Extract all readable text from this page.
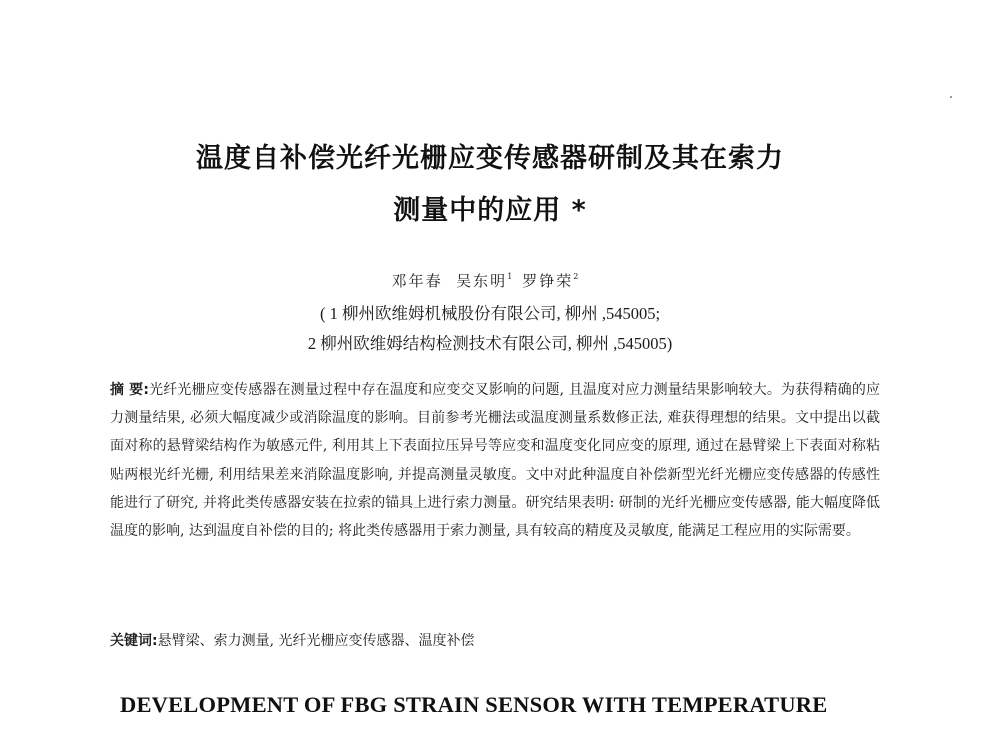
温度自补偿光纤光栅应变传感器研制及其在索力
测量中的应用 *
邓年春 吴东明$^1$ 罗铮荣$^2$
( 1 柳州欧维姆机械股份有限公司, 柳州 ,545005;
2 柳州欧维姆结构检测技术有限公司, 柳州 ,545005)
摘 要:光纤光栅应变传感器在测量过程中存在温度和应变交叉影响的问题, 且温度对应力测量结果影响较大。为获得精确的应力测量结果, 必须大幅度减少或消除温度的影响。目前参考光栅法或温度测量系数修正法, 难获得理想的结果。文中提出以截面对称的悬臂梁结构作为敏感元件, 利用其上下表面拉压异号等应变和温度变化同应变的原理, 通过在悬臂梁上下表面对称粘贴两根光纤光栅, 利用结果差来消除温度影响, 并提高测量灵敏度。文中对此种温度自补偿新型光纤光栅应变传感器的传感性能进行了研究, 并将此类传感器安装在拉索的锚具上进行索力测量。研究结果表明: 研制的光纤光栅应变传感器, 能大幅度降低温度的影响, 达到温度自补偿的目的; 将此类传感器用于索力测量, 具有较高的精度及灵敏度, 能满足工程应用的实际需要。
关键词:悬臂梁、索力测量, 光纤光栅应变传感器、温度补偿
DEVELOPMENT OF FBG STRAIN SENSOR WITH TEMPERATURE
